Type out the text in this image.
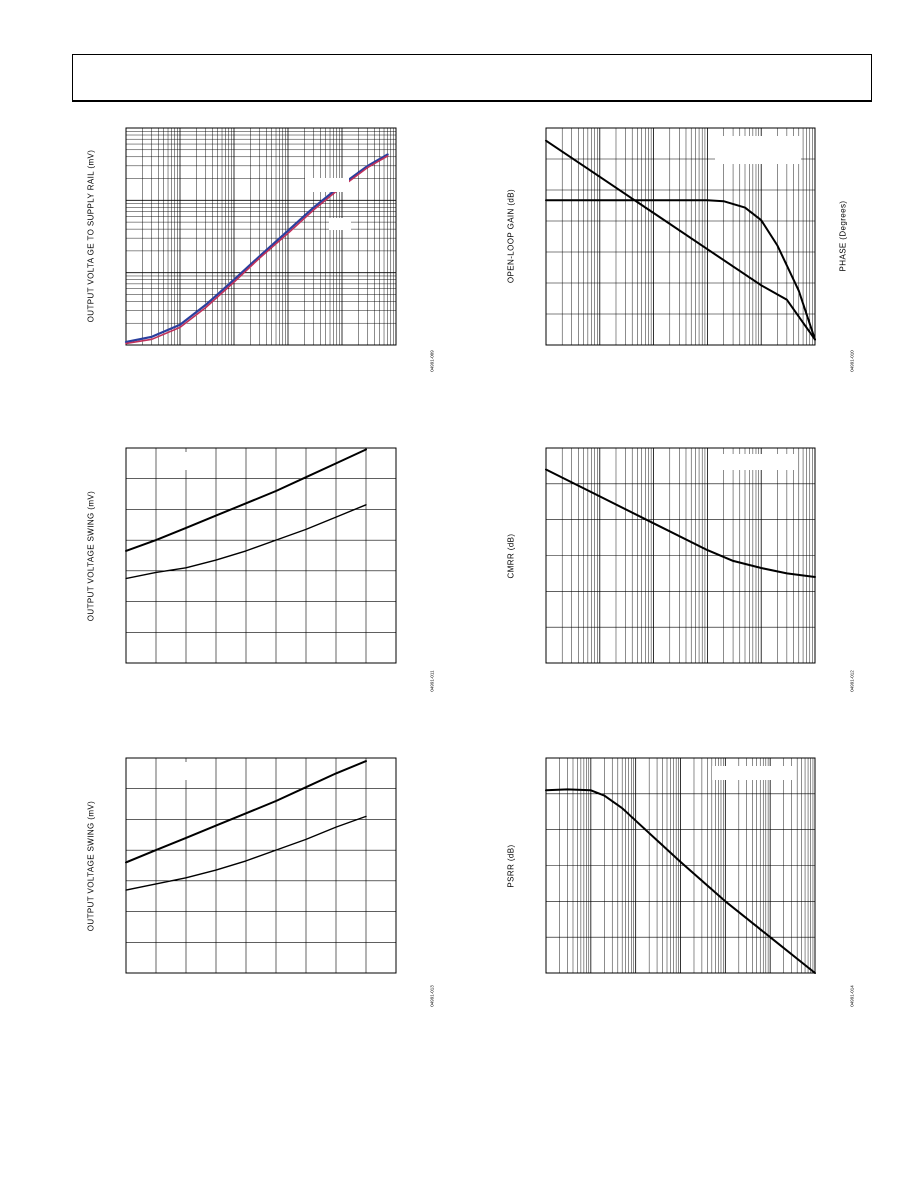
OUTPUT VOLTA GE TO SUPPLY RAIL (mV)
04991-009
OPEN-LOOP GAIN (dB)	PHASE (Degrees)
04991-010
OUTPUT VOLTAGE SWING (mV)
04991-011
CMRR (dB)
04991-012
OUTPUT VOLTAGE SWING (mV)
04991-013
PSRR (dB)
04991-014
